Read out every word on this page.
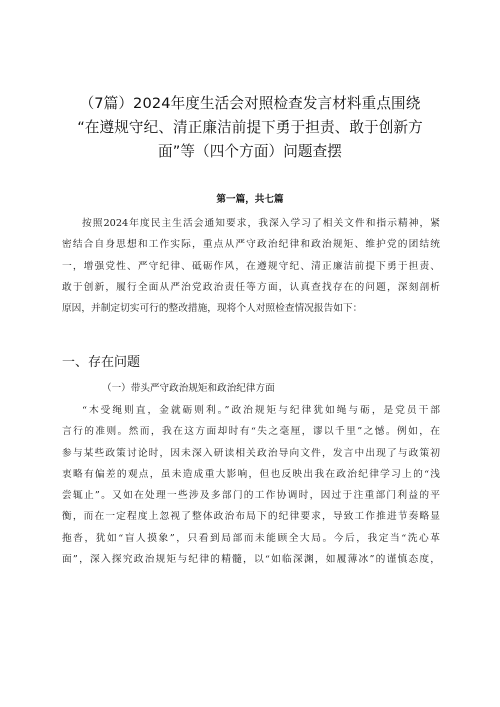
（7篇）2024年度生活会对照检查发言材料重点围绕
“在遵规守纪、清正廉洁前提下勇于担责、敢于创新方
面”等（四个方面）问题查摆
第一篇，共七篇
按照2024年度民主生活会通知要求，我深入学习了相关文件和指示精神，紧
密结合自身思想和工作实际，重点从严守政治纪律和政治规矩、维护党的团结统
一，增强党性、严守纪律、砥砺作风，在遵规守纪、清正廉洁前提下勇于担责、
敢于创新，履行全面从严治党政治责任等方面，认真查找存在的问题，深刻剖析
原因，并制定切实可行的整改措施，现将个人对照检查情况报告如下：
一、存在问题
（一）带头严守政治规矩和政治纪律方面
“木受绳则直，金就砺则利。”政治规矩与纪律犹如绳与砺，是党员干部
言行的准则。然而，我在这方面却时有“失之毫厘，谬以千里”之憾。例如，在
参与某些政策讨论时，因未深入研读相关政治导向文件，发言中出现了与政策初
衷略有偏差的观点，虽未造成重大影响，但也反映出我在政治纪律学习上的“浅
尝辄止”。又如在处理一些涉及多部门的工作协调时，因过于注重部门利益的平
衡，而在一定程度上忽视了整体政治布局下的纪律要求，导致工作推进节奏略显
拖沓，犹如“盲人摸象”，只看到局部而未能顾全大局。今后，我定当“洗心革
面”，深入探究政治规矩与纪律的精髓，以“如临深渊，如履薄冰”的谨慎态度，
